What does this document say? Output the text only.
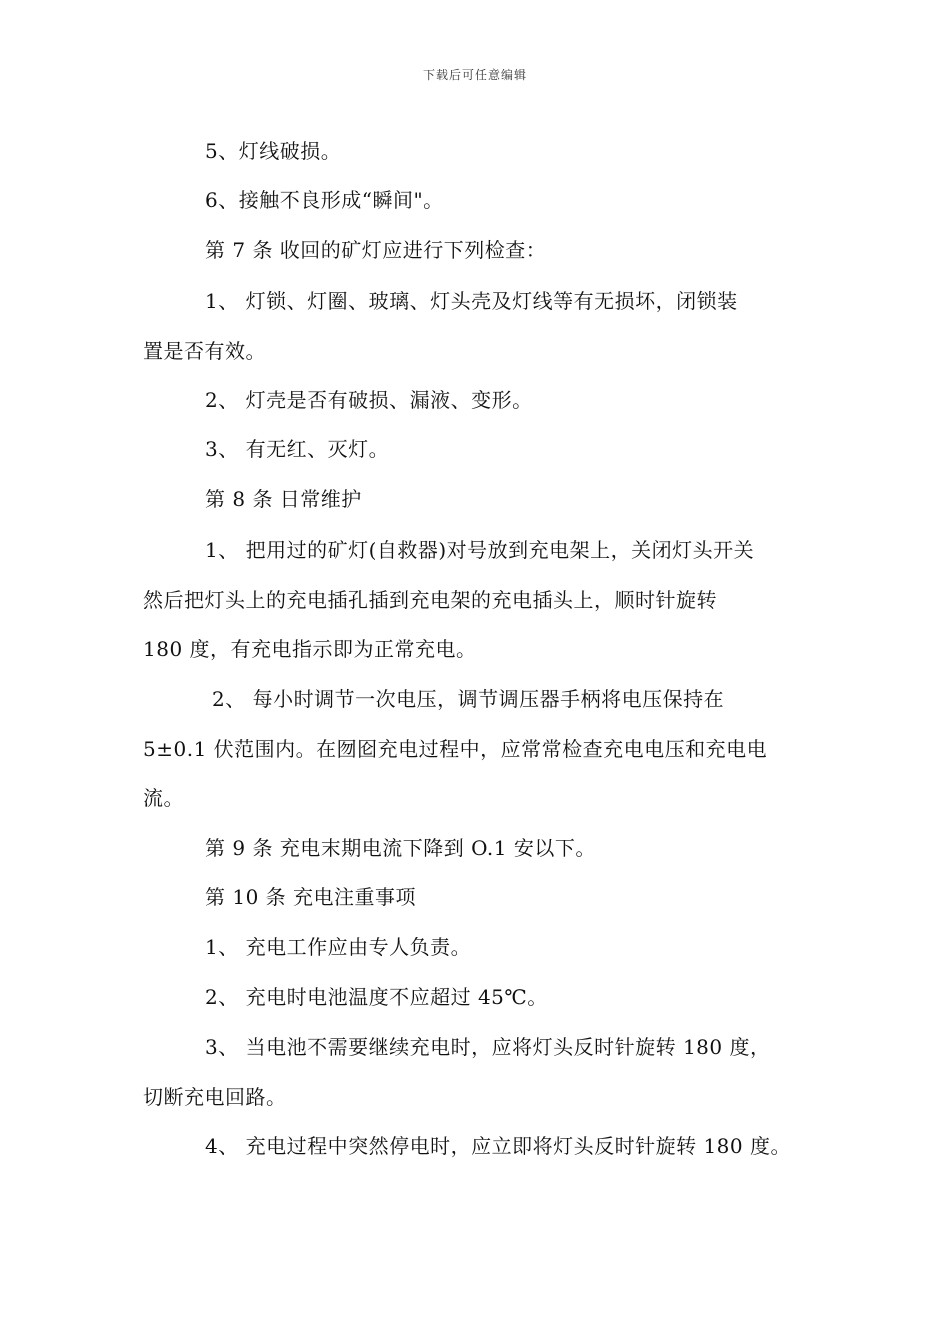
下载后可任意编辑
5、灯线破损。
6、接触不良形成“瞬间"。
第 7 条 收回的矿灯应进行下列检查：
1、 灯锁、灯圈、玻璃、灯头壳及灯线等有无损坏，闭锁装
置是否有效。
2、 灯壳是否有破损、漏液、变形。
3、 有无红、灭灯。
第 8 条 日常维护
1、 把用过的矿灯(自救器)对号放到充电架上，关闭灯头开关
然后把灯头上的充电插孔插到充电架的充电插头上，顺时针旋转
180 度，有充电指示即为正常充电。
2、 每小时调节一次电压，调节调压器手柄将电压保持在
5±0.1 伏范围内。在囫囵充电过程中，应常常检查充电电压和充电电
流。
第 9 条 充电末期电流下降到 O.1 安以下。
第 10 条 充电注重事项
1、 充电工作应由专人负责。
2、 充电时电池温度不应超过 45℃。
3、 当电池不需要继续充电时，应将灯头反时针旋转 180 度，
切断充电回路。
4、 充电过程中突然停电时，应立即将灯头反时针旋转 180 度。
